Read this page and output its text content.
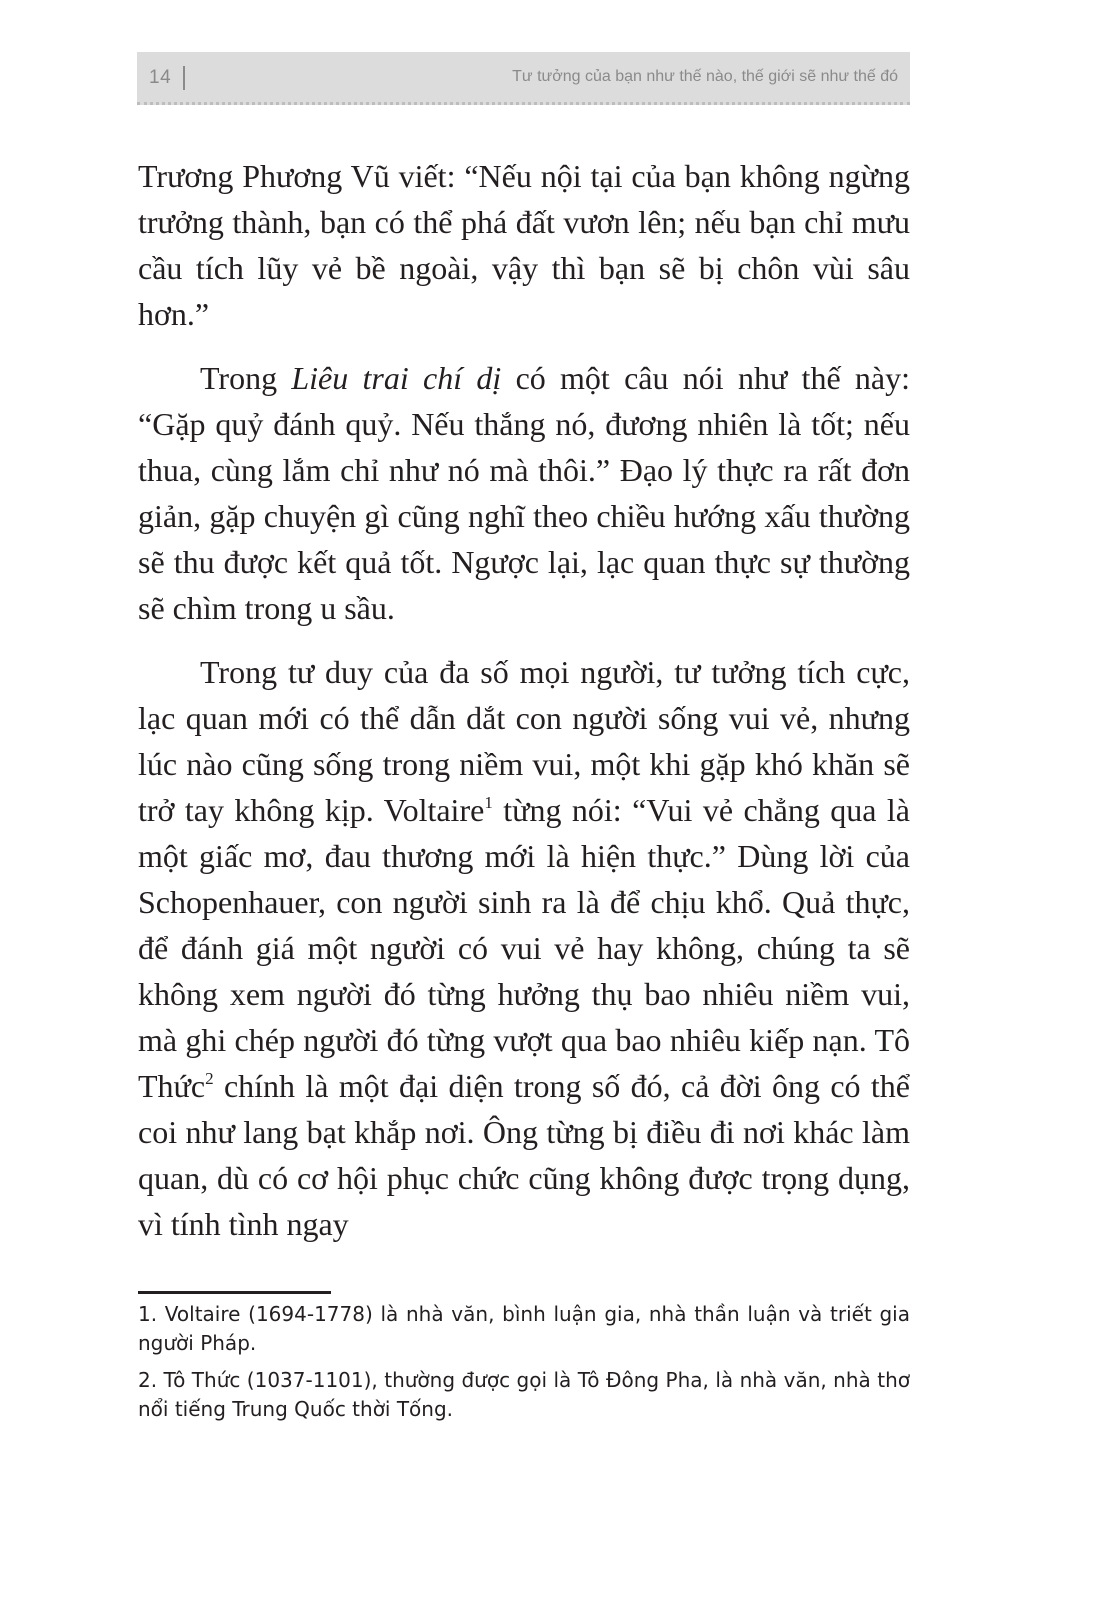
14	Tư tưởng của bạn như thế nào, thế giới sẽ như thế đó

Trương Phương Vũ viết: “Nếu nội tại của bạn không ngừng trưởng thành, bạn có thể phá đất vươn lên; nếu bạn chỉ mưu cầu tích lũy vẻ bề ngoài, vậy thì bạn sẽ bị chôn vùi sâu hơn.”

Trong Liêu trai chí dị có một câu nói như thế này: “Gặp quỷ đánh quỷ. Nếu thắng nó, đương nhiên là tốt; nếu thua, cùng lắm chỉ như nó mà thôi.” Đạo lý thực ra rất đơn giản, gặp chuyện gì cũng nghĩ theo chiều hướng xấu thường sẽ thu được kết quả tốt. Ngược lại, lạc quan thực sự thường sẽ chìm trong u sầu.

Trong tư duy của đa số mọi người, tư tưởng tích cực, lạc quan mới có thể dẫn dắt con người sống vui vẻ, nhưng lúc nào cũng sống trong niềm vui, một khi gặp khó khăn sẽ trở tay không kịp. Voltaire$^1$ từng nói: “Vui vẻ chẳng qua là một giấc mơ, đau thương mới là hiện thực.” Dùng lời của Schopenhauer, con người sinh ra là để chịu khổ. Quả thực, để đánh giá một người có vui vẻ hay không, chúng ta sẽ không xem người đó từng hưởng thụ bao nhiêu niềm vui, mà ghi chép người đó từng vượt qua bao nhiêu kiếp nạn. Tô Thức$^2$ chính là một đại diện trong số đó, cả đời ông có thể coi như lang bạt khắp nơi. Ông từng bị điều đi nơi khác làm quan, dù có cơ hội phục chức cũng không được trọng dụng, vì tính tình ngay

1. Voltaire (1694-1778) là nhà văn, bình luận gia, nhà thần luận và triết gia người Pháp.

2. Tô Thức (1037-1101), thường được gọi là Tô Đông Pha, là nhà văn, nhà thơ nổi tiếng Trung Quốc thời Tống.
